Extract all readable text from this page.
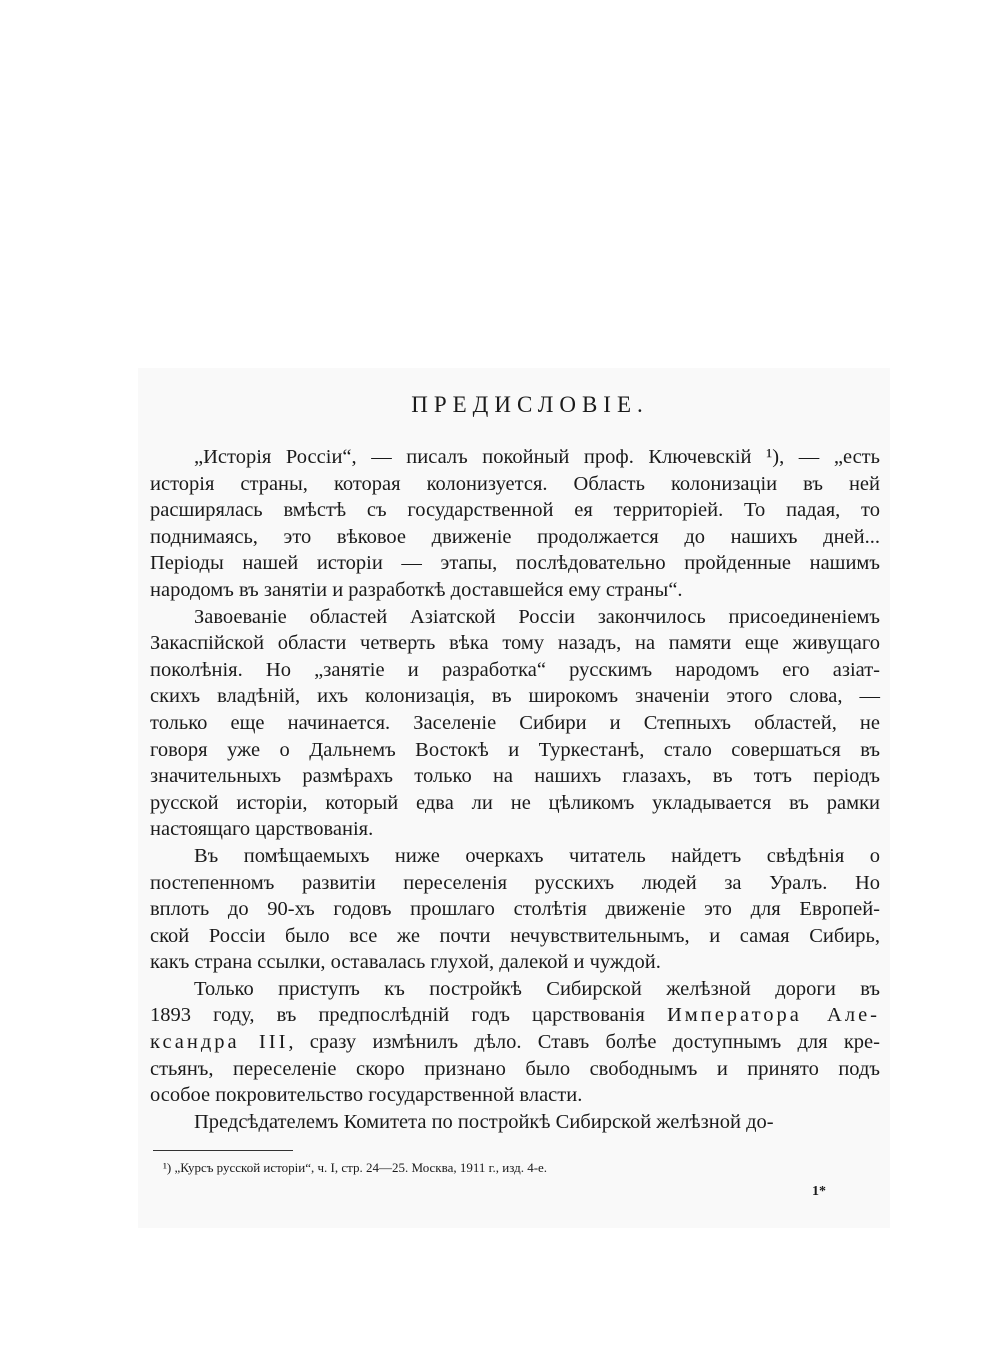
ПРЕДИСЛОВІЕ.
„Исторія Россіи“, — писалъ покойный проф. Ключевскій ¹), — „есть
исторія страны, которая колонизуется. Область колонизаціи въ ней
расширялась вмѣстѣ съ государственной ея территоріей. То падая, то
поднимаясь, это вѣковое движеніе продолжается до нашихъ дней...
Періоды нашей исторіи — этапы, послѣдовательно пройденные нашимъ
народомъ въ занятіи и разработкѣ доставшейся ему страны“.
Завоеваніе областей Азіатской Россіи закончилось присоединеніемъ
Закаспійской области четверть вѣка тому назадъ, на памяти еще живущаго
поколѣнія. Но „занятіе и разработка“ русскимъ народомъ его азіат-
скихъ владѣній, ихъ колонизація, въ широкомъ значеніи этого слова, —
только еще начинается. Заселеніе Сибири и Степныхъ областей, не
говоря уже о Дальнемъ Востокѣ и Туркестанѣ, стало совершаться въ
значительныхъ размѣрахъ только на нашихъ глазахъ, въ тотъ періодъ
русской исторіи, который едва ли не цѣликомъ укладывается въ рамки
настоящаго царствованія.
Въ помѣщаемыхъ ниже очеркахъ читатель найдетъ свѣдѣнія о
постепенномъ развитіи переселенія русскихъ людей за Уралъ. Но
вплоть до 90-хъ годовъ прошлаго столѣтія движеніе это для Европей-
ской Россіи было все же почти нечувствительнымъ, и самая Сибирь,
какъ страна ссылки, оставалась глухой, далекой и чуждой.
Только приступъ къ постройкѣ Сибирской желѣзной дороги въ
1893 году, въ предпослѣдній годъ царствованія Императора Але-
ксандра III, сразу измѣнилъ дѣло. Ставъ болѣе доступнымъ для кре-
стьянъ, переселеніе скоро признано было свободнымъ и принято подъ
особое покровительство государственной власти.
Предсѣдателемъ Комитета по постройкѣ Сибирской желѣзной до-
¹) „Курсъ русской исторіи“, ч. I, стр. 24—25. Москва, 1911 г., изд. 4-е.
1*
